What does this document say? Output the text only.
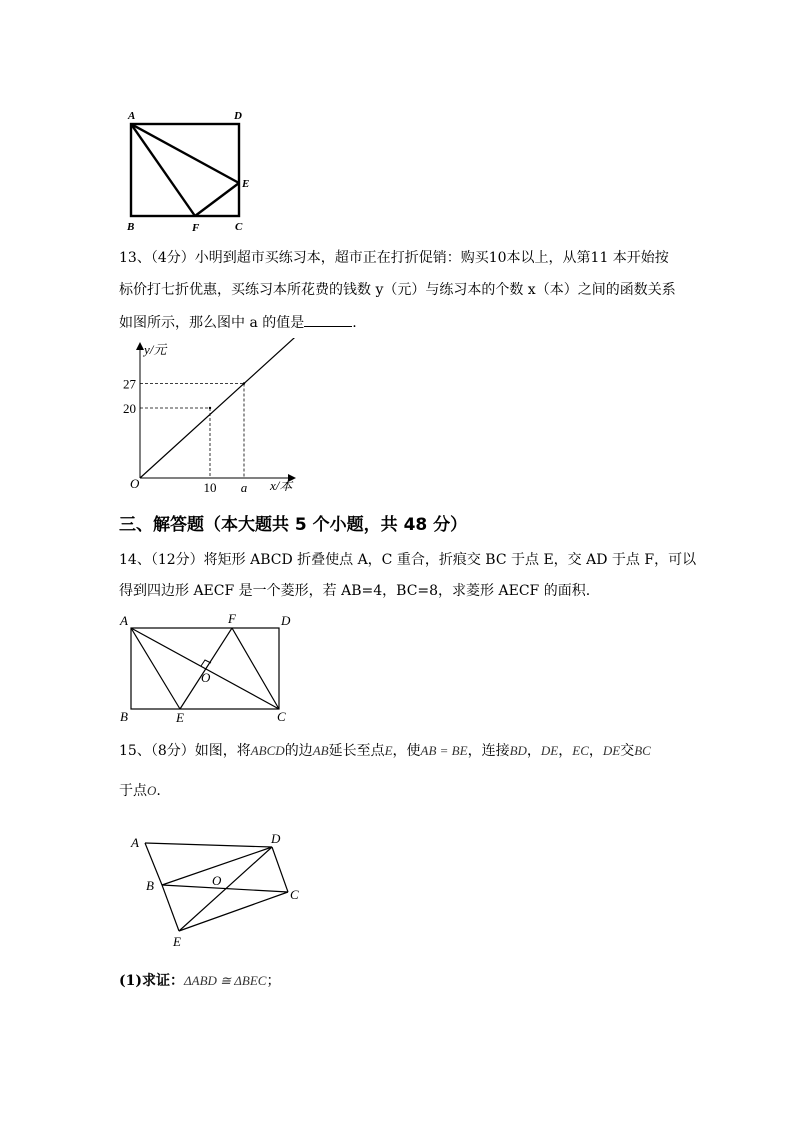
A	D
E
B	F	C
13、（4分）小明到超市买练习本，超市正在打折促销：购买10本以上，从第11 本开始按
标价打七折优惠，买练习本所花费的钱数 y（元）与练习本的个数 x（本）之间的函数关系
如图所示，那么图中 a 的值是	.
y/元
x/本
O	10 a
20
27
三、解答题（本大题共 5 个小题，共 48 分）
14、（12分）将矩形 ABCD 折叠使点 A，C 重合，折痕交 BC 于点 E，交 AD 于点 F，可以
得到四边形 AECF 是一个菱形，若 AB=4，BC=8，求菱形 AECF 的面积.
A	F	D
O
B	E	C
15、（8分）如图，将ABCD的边AB延长至点E，使AB = BE，连接BD，DE，EC，DE交BC
于点O.
A	D
B	O
C
E
(1)求证：ΔABD ≅ ΔBEC；
